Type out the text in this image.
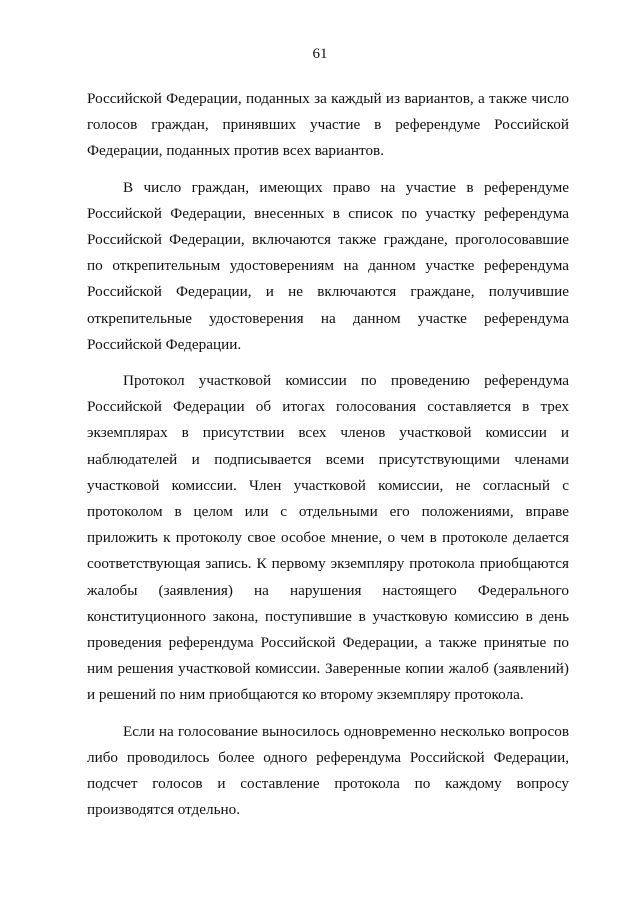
61

Российской Федерации, поданных за каждый из вариантов, а также число голосов граждан, принявших участие в референдуме Российской Федерации, поданных против всех вариантов.

В число граждан, имеющих право на участие в референдуме Российской Федерации, внесенных в список по участку референдума Российской Федерации, включаются также граждане, проголосовавшие по открепительным удостоверениям на данном участке референдума Российской Федерации, и не включаются граждане, получившие открепительные удостоверения на данном участке референдума Российской Федерации.

Протокол участковой комиссии по проведению референдума Российской Федерации об итогах голосования составляется в трех экземплярах в присутствии всех членов участковой комиссии и наблюдателей и подписывается всеми присутствующими членами участковой комиссии. Член участковой комиссии, не согласный с протоколом в целом или с отдельными его положениями, вправе приложить к протоколу свое особое мнение, о чем в протоколе делается соответствующая запись. К первому экземпляру протокола приобщаются жалобы (заявления) на нарушения настоящего Федерального конституционного закона, поступившие в участковую комиссию в день проведения референдума Российской Федерации, а также принятые по ним решения участковой комиссии. Заверенные копии жалоб (заявлений) и решений по ним приобщаются ко второму экземпляру протокола.

Если на голосование выносилось одновременно несколько вопросов либо проводилось более одного референдума Российской Федерации, подсчет голосов и составление протокола по каждому вопросу производятся отдельно.
